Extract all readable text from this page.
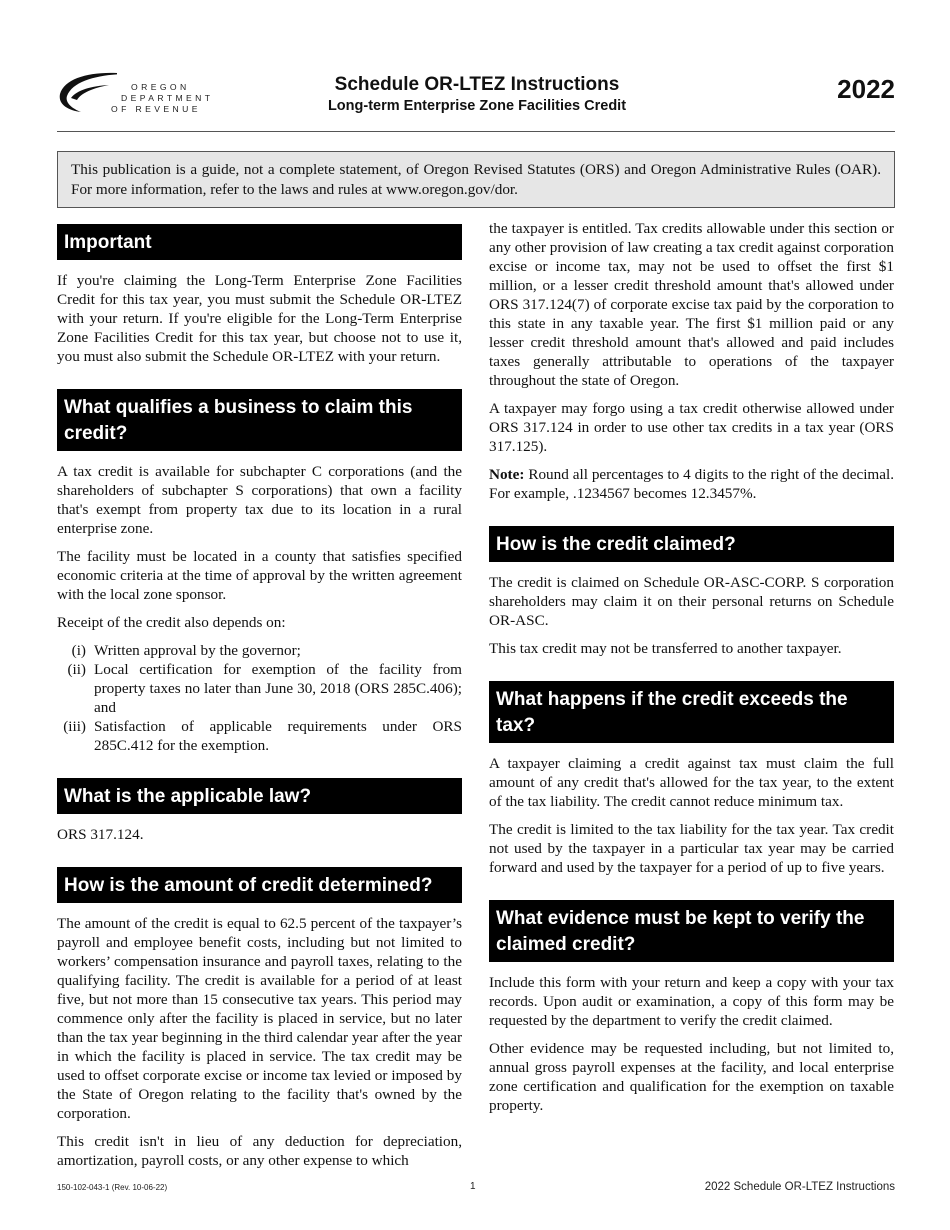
OREGON
DEPARTMENT
OF REVENUE
Schedule OR-LTEZ Instructions
Long-term Enterprise Zone Facilities Credit
2022
This publication is a guide, not a complete statement, of Oregon Revised Statutes (ORS) and Oregon Administrative Rules (OAR). For more information, refer to the laws and rules at www.oregon.gov/dor.
Important

If you're claiming the Long-Term Enterprise Zone Facilities Credit for this tax year, you must submit the Schedule OR-LTEZ with your return. If you're eligible for the Long-Term Enterprise Zone Facilities Credit for this tax year, but choose not to use it, you must also submit the Schedule OR-LTEZ with your return.

What qualifies a business to claim this credit?

A tax credit is available for subchapter C corporations (and the shareholders of subchapter S corporations) that own a facility that's exempt from property tax due to its location in a rural enterprise zone.

The facility must be located in a county that satisfies specified economic criteria at the time of approval by the written agreement with the local zone sponsor.

Receipt of the credit also depends on:

(i) Written approval by the governor;
(ii) Local certification for exemption of the facility from property taxes no later than June 30, 2018 (ORS 285C.406); and
(iii) Satisfaction of applicable requirements under ORS 285C.412 for the exemption.
What is the applicable law?

ORS 317.124.

How is the amount of credit determined?

The amount of the credit is equal to 62.5 percent of the taxpayer’s payroll and employee benefit costs, including but not limited to workers’ compensation insurance and payroll taxes, relating to the qualifying facility. The credit is available for a period of at least five, but not more than 15 consecutive tax years. This period may commence only after the facility is placed in service, but no later than the tax year beginning in the third calendar year after the year in which the facility is placed in service. The tax credit may be used to offset corporate excise or income tax levied or imposed by the State of Oregon relating to the facility that's owned by the corporation.

This credit isn't in lieu of any deduction for depreciation, amortization, payroll costs, or any other expense to which

the taxpayer is entitled. Tax credits allowable under this section or any other provision of law creating a tax credit against corporation excise or income tax, may not be used to offset the first $1 million, or a lesser credit threshold amount that's allowed under ORS 317.124(7) of corporate excise tax paid by the corporation to this state in any taxable year. The first $1 million paid or any lesser credit threshold amount that's allowed and paid includes taxes generally attributable to operations of the taxpayer throughout the state of Oregon.

A taxpayer may forgo using a tax credit otherwise allowed under ORS 317.124 in order to use other tax credits in a tax year (ORS 317.125).

Note: Round all percentages to 4 digits to the right of the decimal. For example, .1234567 becomes 12.3457%.

How is the credit claimed?

The credit is claimed on Schedule OR-ASC-CORP. S corporation shareholders may claim it on their personal returns on Schedule OR-ASC.

This tax credit may not be transferred to another taxpayer.

What happens if the credit exceeds the tax?

A taxpayer claiming a credit against tax must claim the full amount of any credit that's allowed for the tax year, to the extent of the tax liability. The credit cannot reduce minimum tax.

The credit is limited to the tax liability for the tax year. Tax credit not used by the taxpayer in a particular tax year may be carried forward and used by the taxpayer for a period of up to five years.

What evidence must be kept to verify the claimed credit?

Include this form with your return and keep a copy with your tax records. Upon audit or examination, a copy of this form may be requested by the department to verify the credit claimed.

Other evidence may be requested including, but not limited to, annual gross payroll expenses at the facility, and local enterprise zone certification and qualification for the exemption on taxable property.

150-102-043-1 (Rev. 10-06-22)	1	2022 Schedule OR-LTEZ Instructions
